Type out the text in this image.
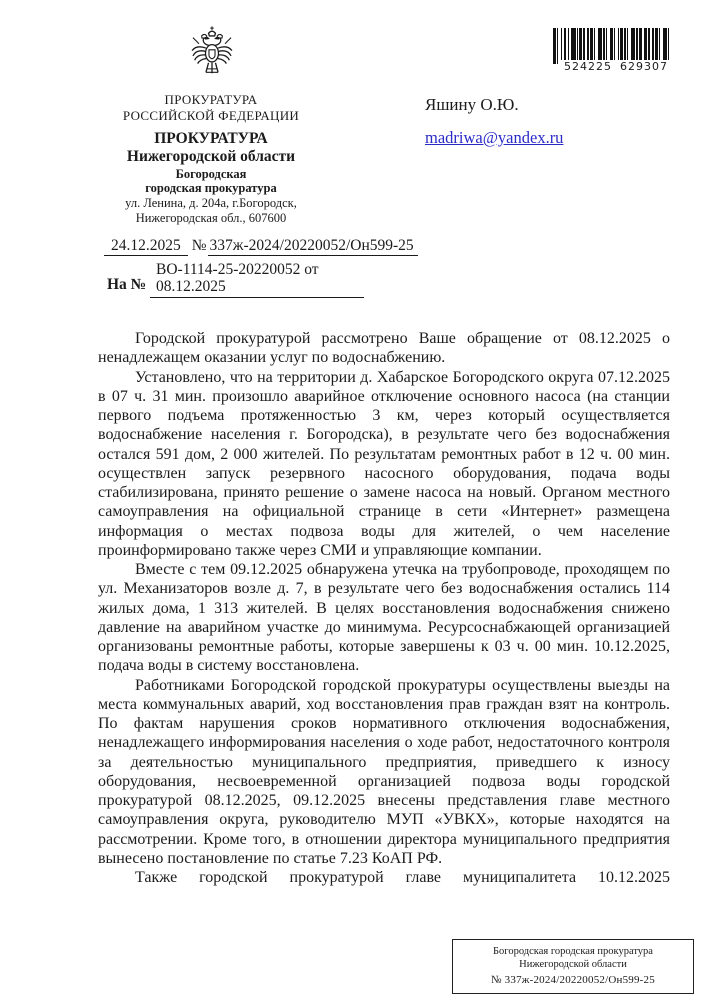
ПРОКУРАТУРА
РОССИЙСКОЙ ФЕДЕРАЦИИ
ПРОКУРАТУРА
Нижегородской области
Богородская
городская прокуратура
ул. Ленина, д. 204а, г.Богородск,
Нижегородская обл., 607600
524225 629307
Яшину О.Ю.
madriwa@yandex.ru
24.12.2025 № 337ж-2024/20220052/Он599-25
На №
ВО-1114-25-20220052 от
08.12.2025

Городской прокуратурой рассмотрено Ваше обращение от 08.12.2025 о ненадлежащем оказании услуг по водоснабжению.

Установлено, что на территории д. Хабарское Богородского округа 07.12.2025 в 07 ч. 31 мин. произошло аварийное отключение основного насоса (на станции первого подъема протяженностью 3 км, через который осуществляется водоснабжение населения г. Богородска), в результате чего без водоснабжения остался 591 дом, 2 000 жителей. По результатам ремонтных работ в 12 ч. 00 мин. осуществлен запуск резервного насосного оборудования, подача воды стабилизирована, принято решение о замене насоса на новый. Органом местного самоуправления на официальной странице в сети «Интернет» размещена информация о местах подвоза воды для жителей, о чем население проинформировано также через СМИ и управляющие компании.

Вместе с тем 09.12.2025 обнаружена утечка на трубопроводе, проходящем по ул. Механизаторов возле д. 7, в результате чего без водоснабжения остались 114 жилых дома, 1 313 жителей. В целях восстановления водоснабжения снижено давление на аварийном участке до минимума. Ресурсоснабжающей организацией организованы ремонтные работы, которые завершены к 03 ч. 00 мин. 10.12.2025, подача воды в систему восстановлена.

Работниками Богородской городской прокуратуры осуществлены выезды на места коммунальных аварий, ход восстановления прав граждан взят на контроль. По фактам нарушения сроков нормативного отключения водоснабжения, ненадлежащего информирования населения о ходе работ, недостаточного контроля за деятельностью муниципального предприятия, приведшего к износу оборудования, несвоевременной организацией подвоза воды городской прокуратурой 08.12.2025, 09.12.2025 внесены представления главе местного самоуправления округа, руководителю МУП «УВКХ», которые находятся на рассмотрении. Кроме того, в отношении директора муниципального предприятия вынесено постановление по статье 7.23 КоАП РФ.

Также городской прокуратурой главе муниципалитета 10.12.2025

Богородская городская прокуратура
Нижегородской области
№ 337ж-2024/20220052/Он599-25
